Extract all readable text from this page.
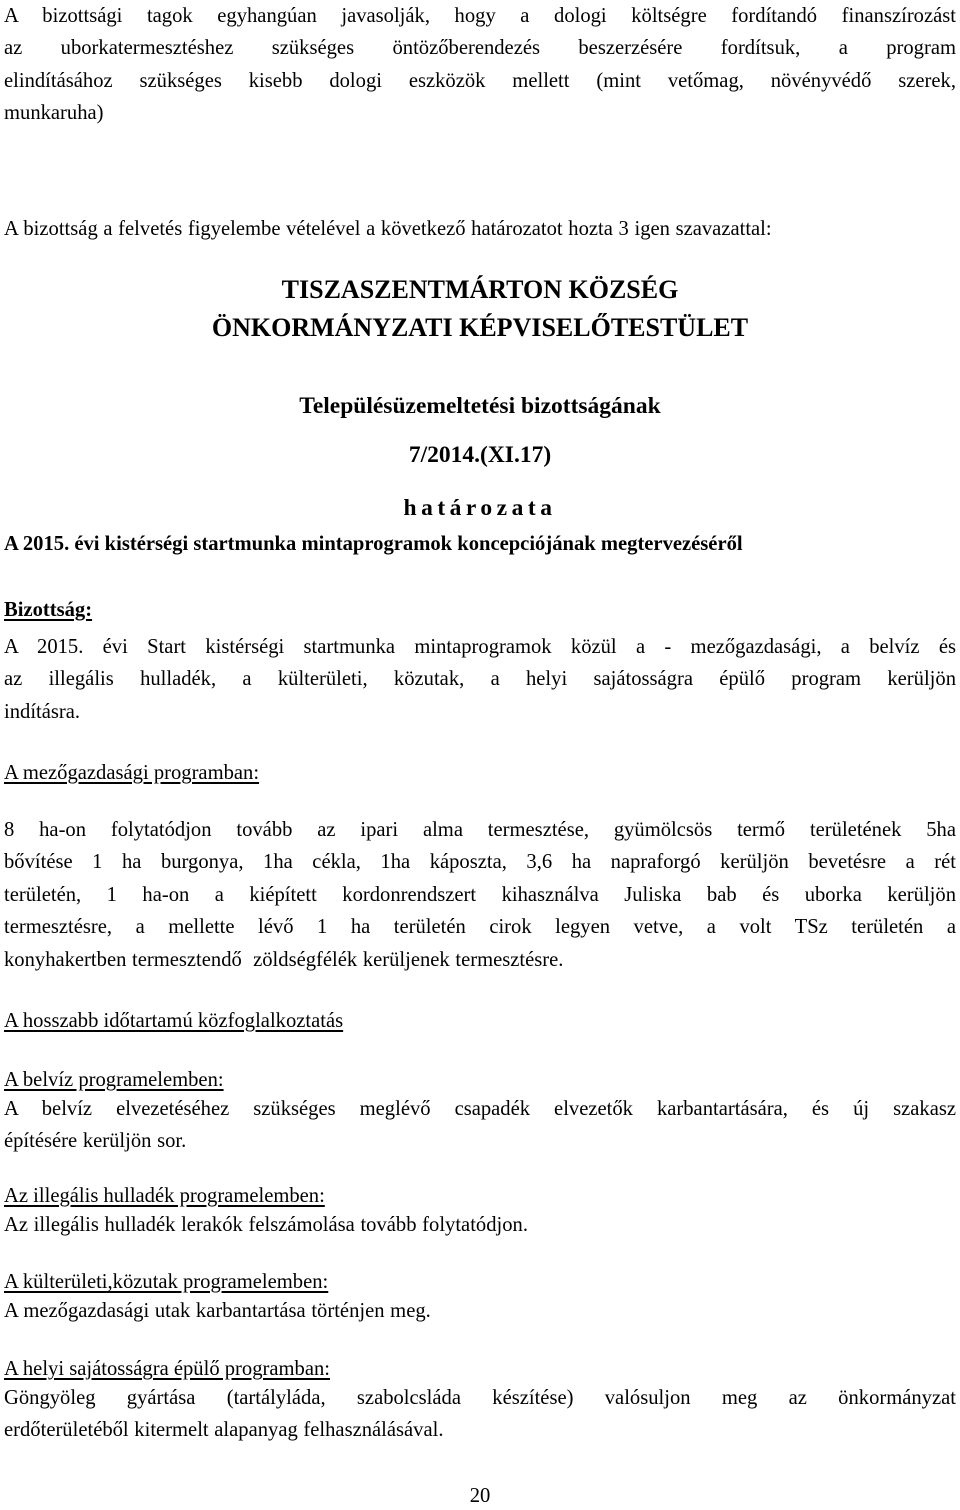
A bizottsági tagok egyhangúan javasolják, hogy a dologi költségre fordítandó finanszírozást
az uborkatermesztéshez szükséges öntözőberendezés beszerzésére fordítsuk, a program
elindításához szükséges kisebb dologi eszközök mellett (mint vetőmag, növényvédő szerek,
munkaruha)
A bizottság a felvetés figyelembe vételével a következő határozatot hozta 3 igen szavazattal:
TISZASZENTMÁRTON KÖZSÉG
ÖNKORMÁNYZATI KÉPVISELŐTESTÜLET
Településüzemeltetési bizottságának
7/2014.(XI.17)
határozata
A 2015. évi kistérségi startmunka mintaprogramok koncepciójának megtervezéséről
Bizottság:
A 2015. évi Start kistérségi startmunka mintaprogramok közül a - mezőgazdasági, a belvíz és
az illegális hulladék, a külterületi, közutak, a helyi sajátosságra épülő program kerüljön
indításra.
A mezőgazdasági programban:
8 ha-on folytatódjon tovább az ipari alma termesztése, gyümölcsös termő területének 5ha
bővítése 1 ha burgonya, 1ha cékla, 1ha káposzta, 3,6 ha napraforgó kerüljön bevetésre a rét
területén, 1 ha-on a kiépített kordonrendszert kihasználva Juliska bab és uborka kerüljön
termesztésre, a mellette lévő 1 ha területén cirok legyen vetve, a volt TSz területén a
konyhakertben termesztendő  zöldségfélék kerüljenek termesztésre.
A hosszabb időtartamú közfoglalkoztatás
A belvíz programelemben:
A belvíz elvezetéséhez szükséges meglévő csapadék elvezetők karbantartására, és új szakasz
építésére kerüljön sor.
Az illegális hulladék programelemben:
Az illegális hulladék lerakók felszámolása tovább folytatódjon.
A külterületi,közutak programelemben:
A mezőgazdasági utak karbantartása történjen meg.
A helyi sajátosságra épülő programban:
Göngyöleg gyártása (tartályláda, szabolcsláda készítése) valósuljon meg az önkormányzat
erdőterületéből kitermelt alapanyag felhasználásával.
20
